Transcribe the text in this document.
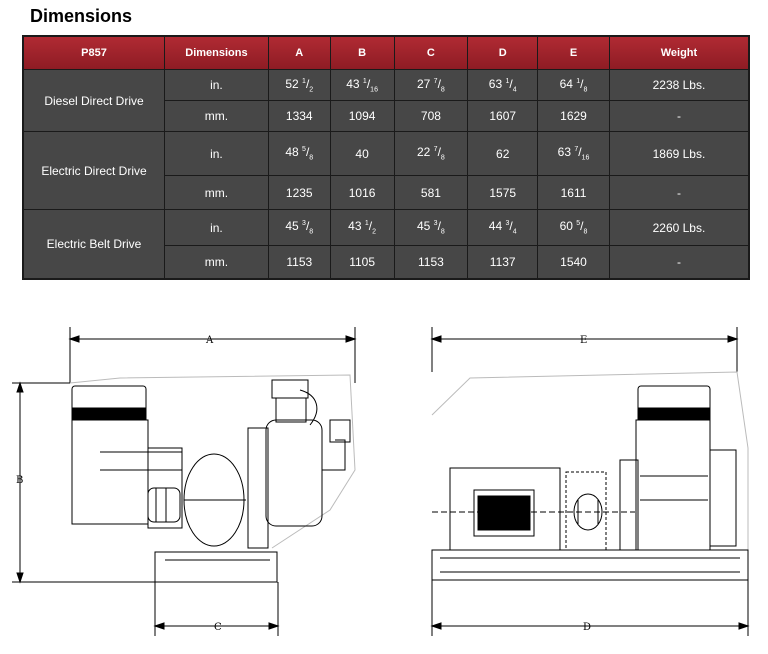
Dimensions
P857	Dimensions	A	B	C	D	E	Weight
Diesel Direct Drive	in.	52 $^1/_2$	43 $^1/_{16}$	27 $^7/_8$	63 $^1/_4$	64 $^1/_8$	2238 Lbs.
	mm.	1334	1094	708	1607	1629	-
Electric Direct Drive	in.	48 $^5/_8$	40	22 $^7/_8$	62	63 $^7/_{16}$	1869 Lbs.
	mm.	1235	1016	581	1575	1611	-
Electric Belt Drive	in.	45 $^3/_8$	43 $^1/_2$	45 $^3/_8$	44 $^3/_4$	60 $^5/_8$	2260 Lbs.
	mm.	1153	1105	1153	1137	1540	-
A
B
C
E
D
